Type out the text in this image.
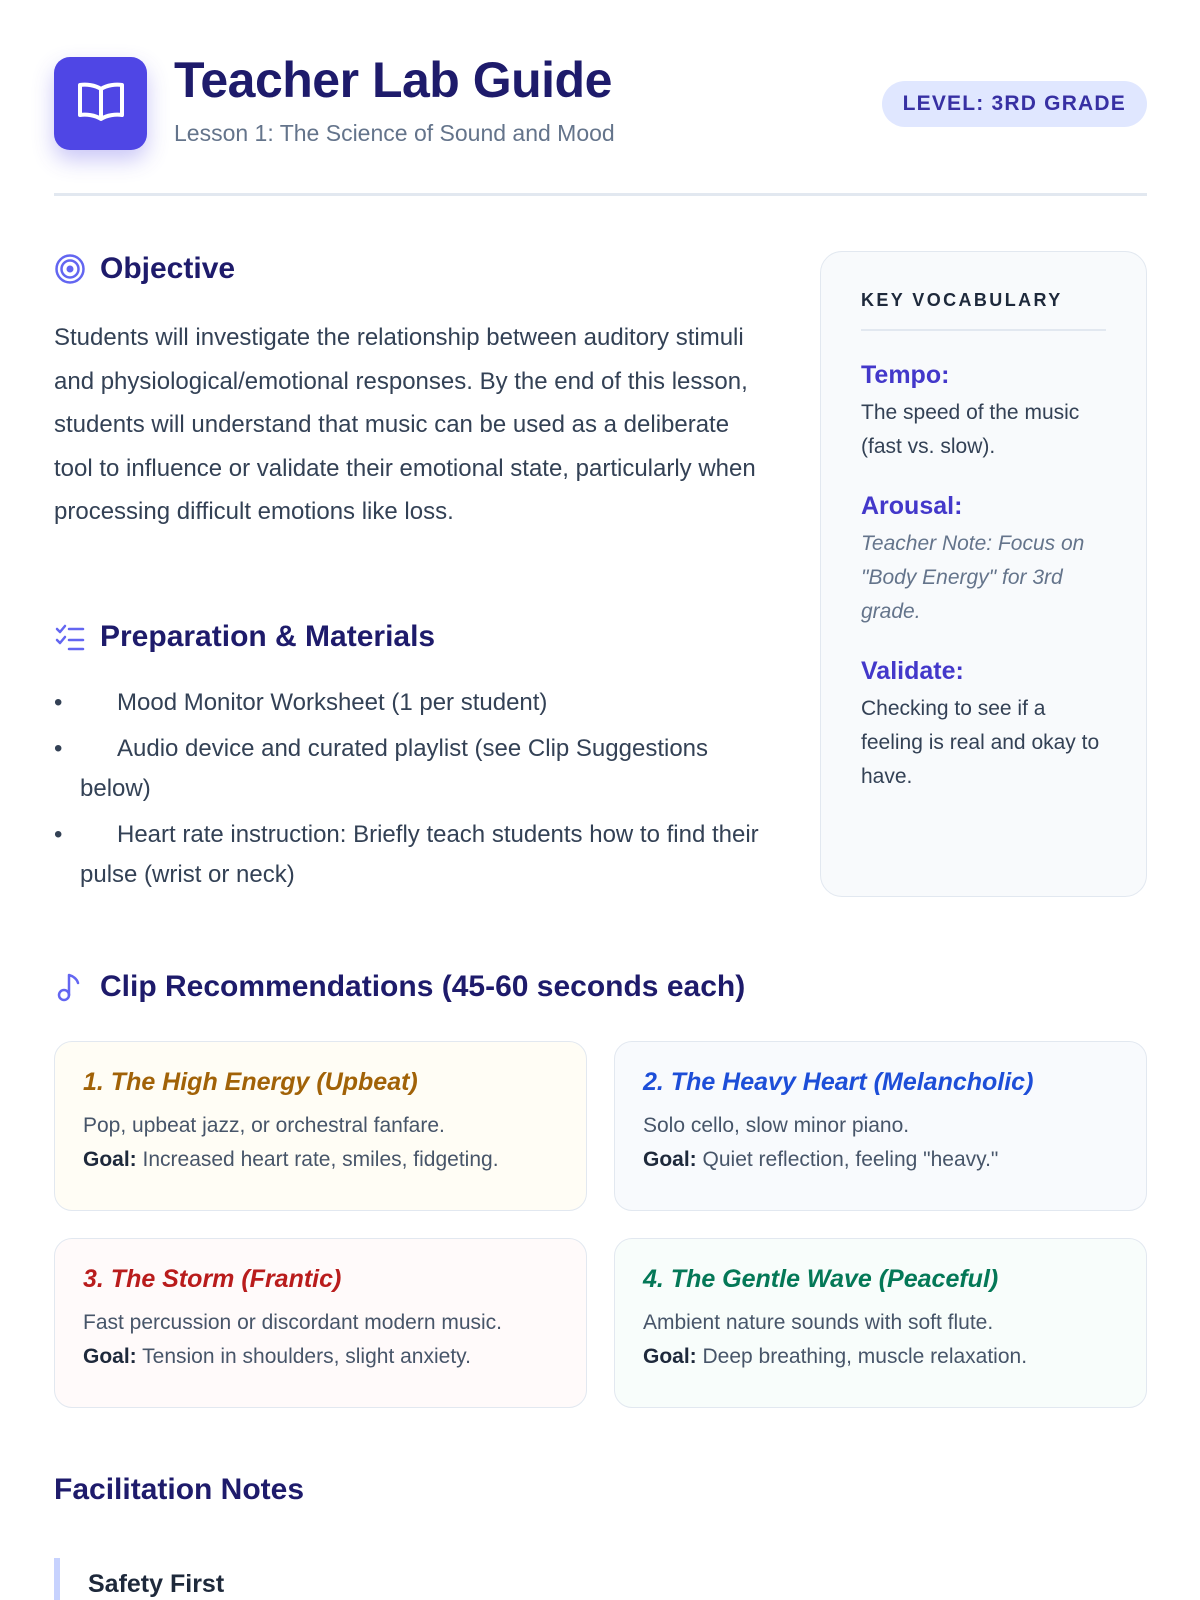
Teacher Lab Guide
Lesson 1: The Science of Sound and Mood
LEVEL: 3RD GRADE
Objective
Students will investigate the relationship between auditory stimuli and physiological/emotional responses. By the end of this lesson, students will understand that music can be used as a deliberate tool to influence or validate their emotional state, particularly when processing difficult emotions like loss.
Preparation & Materials
• Mood Monitor Worksheet (1 per student)
• Audio device and curated playlist (see Clip Suggestions below)
• Heart rate instruction: Briefly teach students how to find their pulse (wrist or neck)
KEY VOCABULARY
Tempo:
The speed of the music (fast vs. slow).
Arousal:
Teacher Note: Focus on "Body Energy" for 3rd grade.
Validate:
Checking to see if a feeling is real and okay to have.
Clip Recommendations (45-60 seconds each)
1. The High Energy (Upbeat)
Pop, upbeat jazz, or orchestral fanfare.
Goal: Increased heart rate, smiles, fidgeting.
2. The Heavy Heart (Melancholic)
Solo cello, slow minor piano.
Goal: Quiet reflection, feeling "heavy."
3. The Storm (Frantic)
Fast percussion or discordant modern music.
Goal: Tension in shoulders, slight anxiety.
4. The Gentle Wave (Peaceful)
Ambient nature sounds with soft flute.
Goal: Deep breathing, muscle relaxation.
Facilitation Notes
Safety First
